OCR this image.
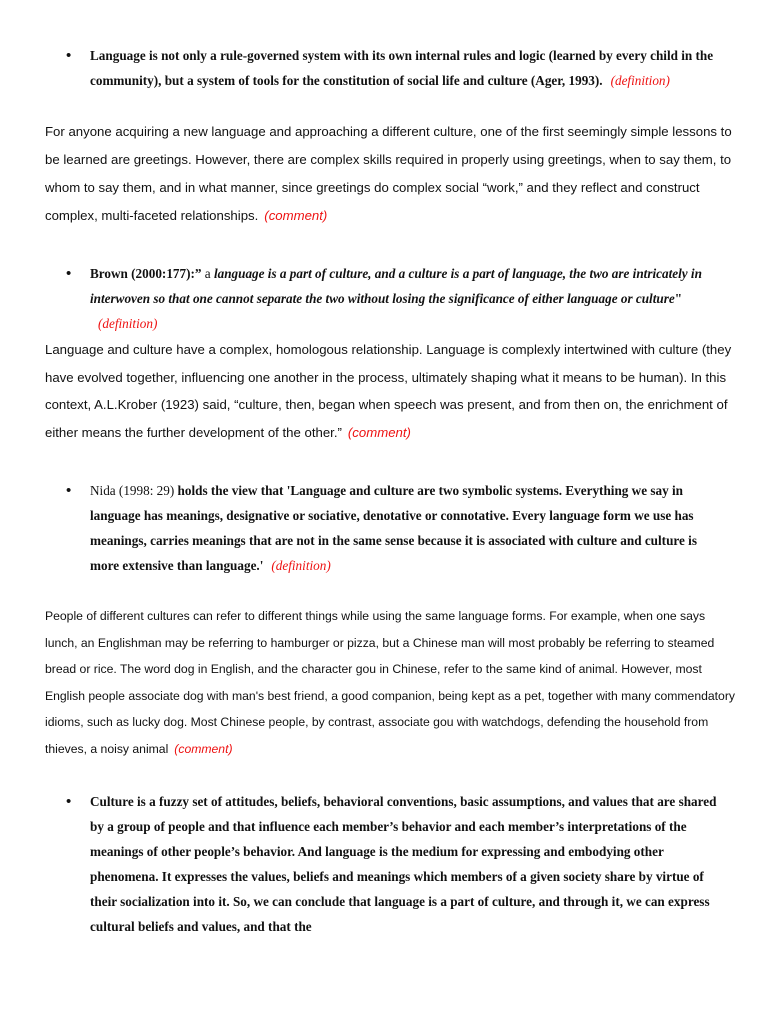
• Language is not only a rule-governed system with its own internal rules and logic (learned by every child in the community), but a system of tools for the constitution of social life and culture (Ager, 1993). (definition)
For anyone acquiring a new language and approaching a different culture, one of the first seemingly simple lessons to be learned are greetings. However, there are complex skills required in properly using greetings, when to say them, to whom to say them, and in what manner, since greetings do complex social “work,” and they reflect and construct complex, multi-faceted relationships. (comment)
• Brown (2000:177):” a language is a part of culture, and a culture is a part of language, the two are intricately in interwoven so that one cannot separate the two without losing the significance of either language or culture"(definition)
Language and culture have a complex, homologous relationship. Language is complexly intertwined with culture (they have evolved together, influencing one another in the process, ultimately shaping what it means to be human). In this context, A.L.Krober (1923) said, “culture, then, began when speech was present, and from then on, the enrichment of either means the further development of the other.” (comment)
• Nida (1998: 29) holds the view that 'Language and culture are two symbolic systems. Everything we say in language has meanings, designative or sociative, denotative or connotative. Every language form we use has meanings, carries meanings that are not in the same sense because it is associated with culture and culture is more extensive than language.' (definition)
People of different cultures can refer to different things while using the same language forms. For example, when one says lunch, an Englishman may be referring to hamburger or pizza, but a Chinese man will most probably be referring to steamed bread or rice. The word dog in English, and the character gou in Chinese, refer to the same kind of animal. However, most English people associate dog with man's best friend, a good companion, being kept as a pet, together with many commendatory idioms, such as lucky dog. Most Chinese people, by contrast, associate gou with watchdogs, defending the household from thieves, a noisy animal (comment)
• Culture is a fuzzy set of attitudes, beliefs, behavioral conventions, basic assumptions, and values that are shared by a group of people and that influence each member’s behavior and each member’s interpretations of the meanings of other people’s behavior. And language is the medium for expressing and embodying other phenomena. It expresses the values, beliefs and meanings which members of a given society share by virtue of their socialization into it. So, we can conclude that language is a part of culture, and through it, we can express cultural beliefs and values, and that the
